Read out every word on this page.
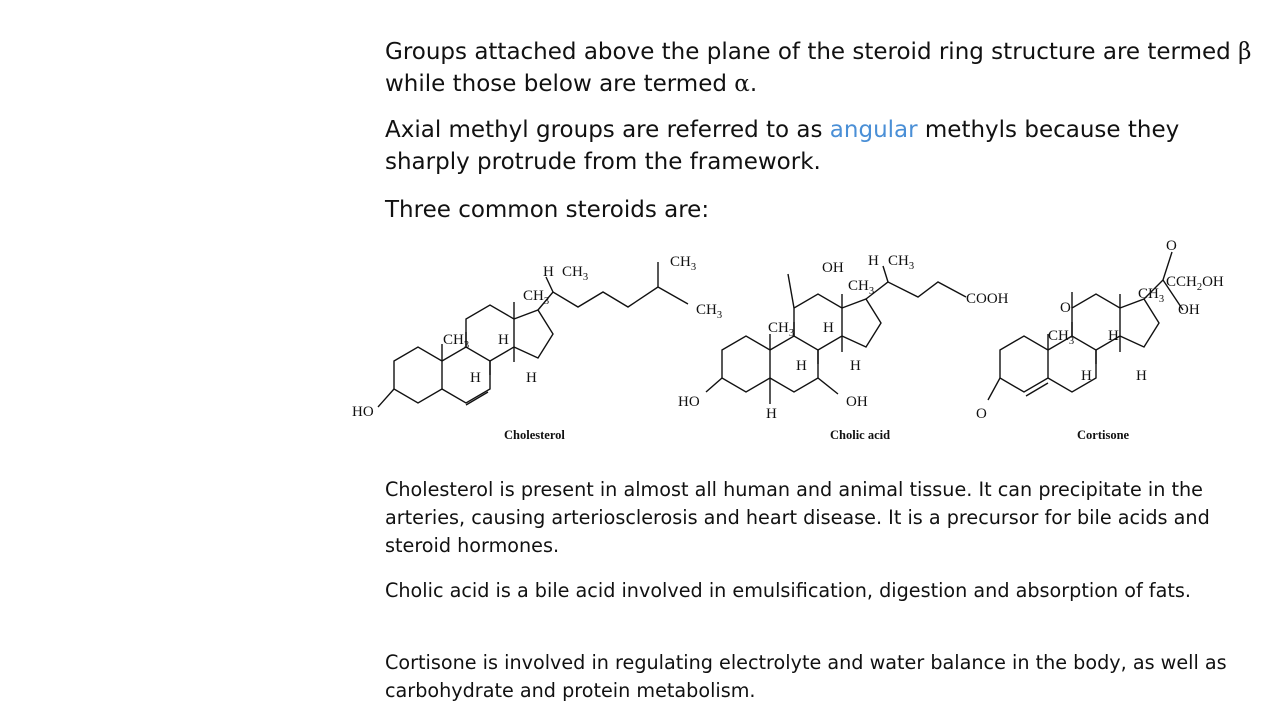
Groups attached above the plane of the steroid ring structure are termed β while those below are termed α.

Axial methyl groups are referred to as angular methyls because they sharply protrude from the framework.

Three common steroids are:

HO
$CH_3$
$CH_3$
H $CH_3$
$CH_3$
$CH_3$
H
H	H
Cholesterol
OH H $CH_3$
$CH_3$	COOH
$CH_3$ H
H	H
HO	OH
H
Cholic acid
O
$CCH_2OH$
$CH_3$
OH
O
$CH_3$ H
H	H
O
Cortisone

Cholesterol is present in almost all human and animal tissue. It can precipitate in the arteries, causing arteriosclerosis and heart disease. It is a precursor for bile acids and steroid hormones.

Cholic acid is a bile acid involved in emulsification, digestion and absorption of fats.

Cortisone is involved in regulating electrolyte and water balance in the body, as well as carbohydrate and protein metabolism.
